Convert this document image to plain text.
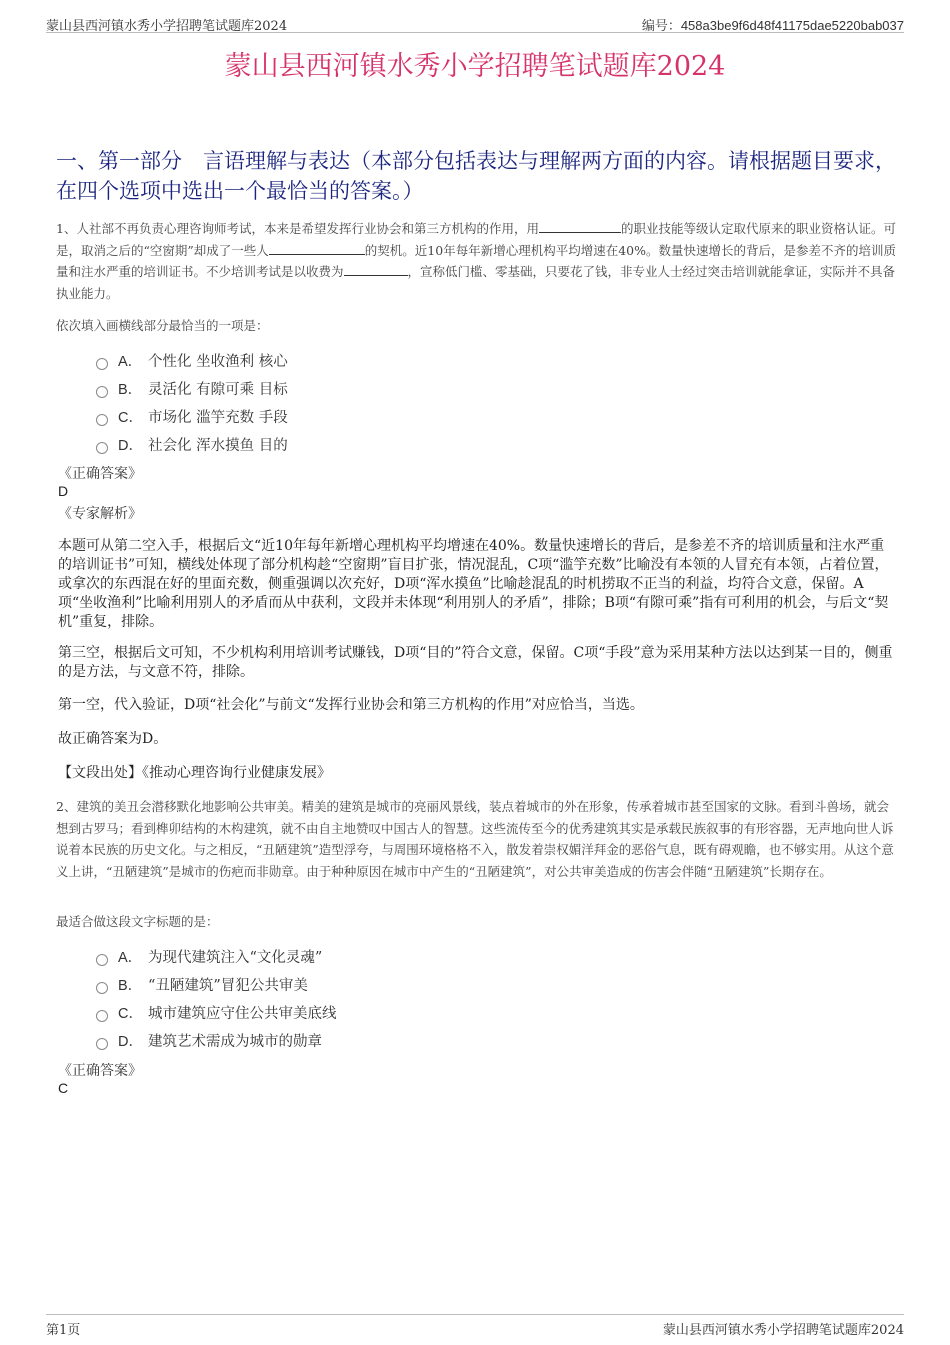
蒙山县西河镇水秀小学招聘笔试题库2024	编号：458a3be9f6d48f41175dae5220bab037
蒙山县西河镇水秀小学招聘笔试题库2024
一、第一部分　言语理解与表达（本部分包括表达与理解两方面的内容。请根据题目要求，在四个选项中选出一个最恰当的答案。）
1、人社部不再负责心理咨询师考试，本来是希望发挥行业协会和第三方机构的作用，用	的职业技能等级认定取代原来的职业资格认证。可是，取消之后的“空窗期”却成了一些人	的契机。近10年每年新增心理机构平均增速在40%。数量快速增长的背后，是参差不齐的培训质量和注水严重的培训证书。不少培训考试是以收费为	，宣称低门槛、零基础，只要花了钱，非专业人士经过突击培训就能拿证，实际并不具备执业能力。
依次填入画横线部分最恰当的一项是：
A． 个性化 坐收渔利 核心
B． 灵活化 有隙可乘 目标
C． 市场化 滥竽充数 手段
D． 社会化 浑水摸鱼 目的
《正确答案》
D
《专家解析》
本题可从第二空入手，根据后文“近10年每年新增心理机构平均增速在40%。数量快速增长的背后，是参差不齐的培训质量和注水严重的培训证书”可知，横线处体现了部分机构趁“空窗期”盲目扩张，情况混乱，C项“滥竽充数”比喻没有本领的人冒充有本领，占着位置，或拿次的东西混在好的里面充数，侧重强调以次充好，D项“浑水摸鱼”比喻趁混乱的时机捞取不正当的利益，均符合文意，保留。A项“坐收渔利”比喻利用别人的矛盾而从中获利，文段并未体现“利用别人的矛盾”，排除；B项“有隙可乘”指有可利用的机会，与后文“契机”重复，排除。
第三空，根据后文可知，不少机构利用培训考试赚钱，D项“目的”符合文意，保留。C项“手段”意为采用某种方法以达到某一目的，侧重的是方法，与文意不符，排除。
第一空，代入验证，D项“社会化”与前文“发挥行业协会和第三方机构的作用”对应恰当，当选。
故正确答案为D。
【文段出处】《推动心理咨询行业健康发展》
2、建筑的美丑会潜移默化地影响公共审美。精美的建筑是城市的亮丽风景线，装点着城市的外在形象，传承着城市甚至国家的文脉。看到斗兽场，就会想到古罗马；看到榫卯结构的木构建筑，就不由自主地赞叹中国古人的智慧。这些流传至今的优秀建筑其实是承载民族叙事的有形容器，无声地向世人诉说着本民族的历史文化。与之相反，“丑陋建筑”造型浮夸，与周围环境格格不入，散发着崇权媚洋拜金的恶俗气息，既有碍观瞻，也不够实用。从这个意义上讲，“丑陋建筑”是城市的伤疤而非勋章。由于种种原因在城市中产生的“丑陋建筑”，对公共审美造成的伤害会伴随“丑陋建筑”长期存在。
最适合做这段文字标题的是：
A． 为现代建筑注入“文化灵魂”
B． “丑陋建筑”冒犯公共审美
C． 城市建筑应守住公共审美底线
D． 建筑艺术需成为城市的勋章
《正确答案》
C
第1页	蒙山县西河镇水秀小学招聘笔试题库2024
